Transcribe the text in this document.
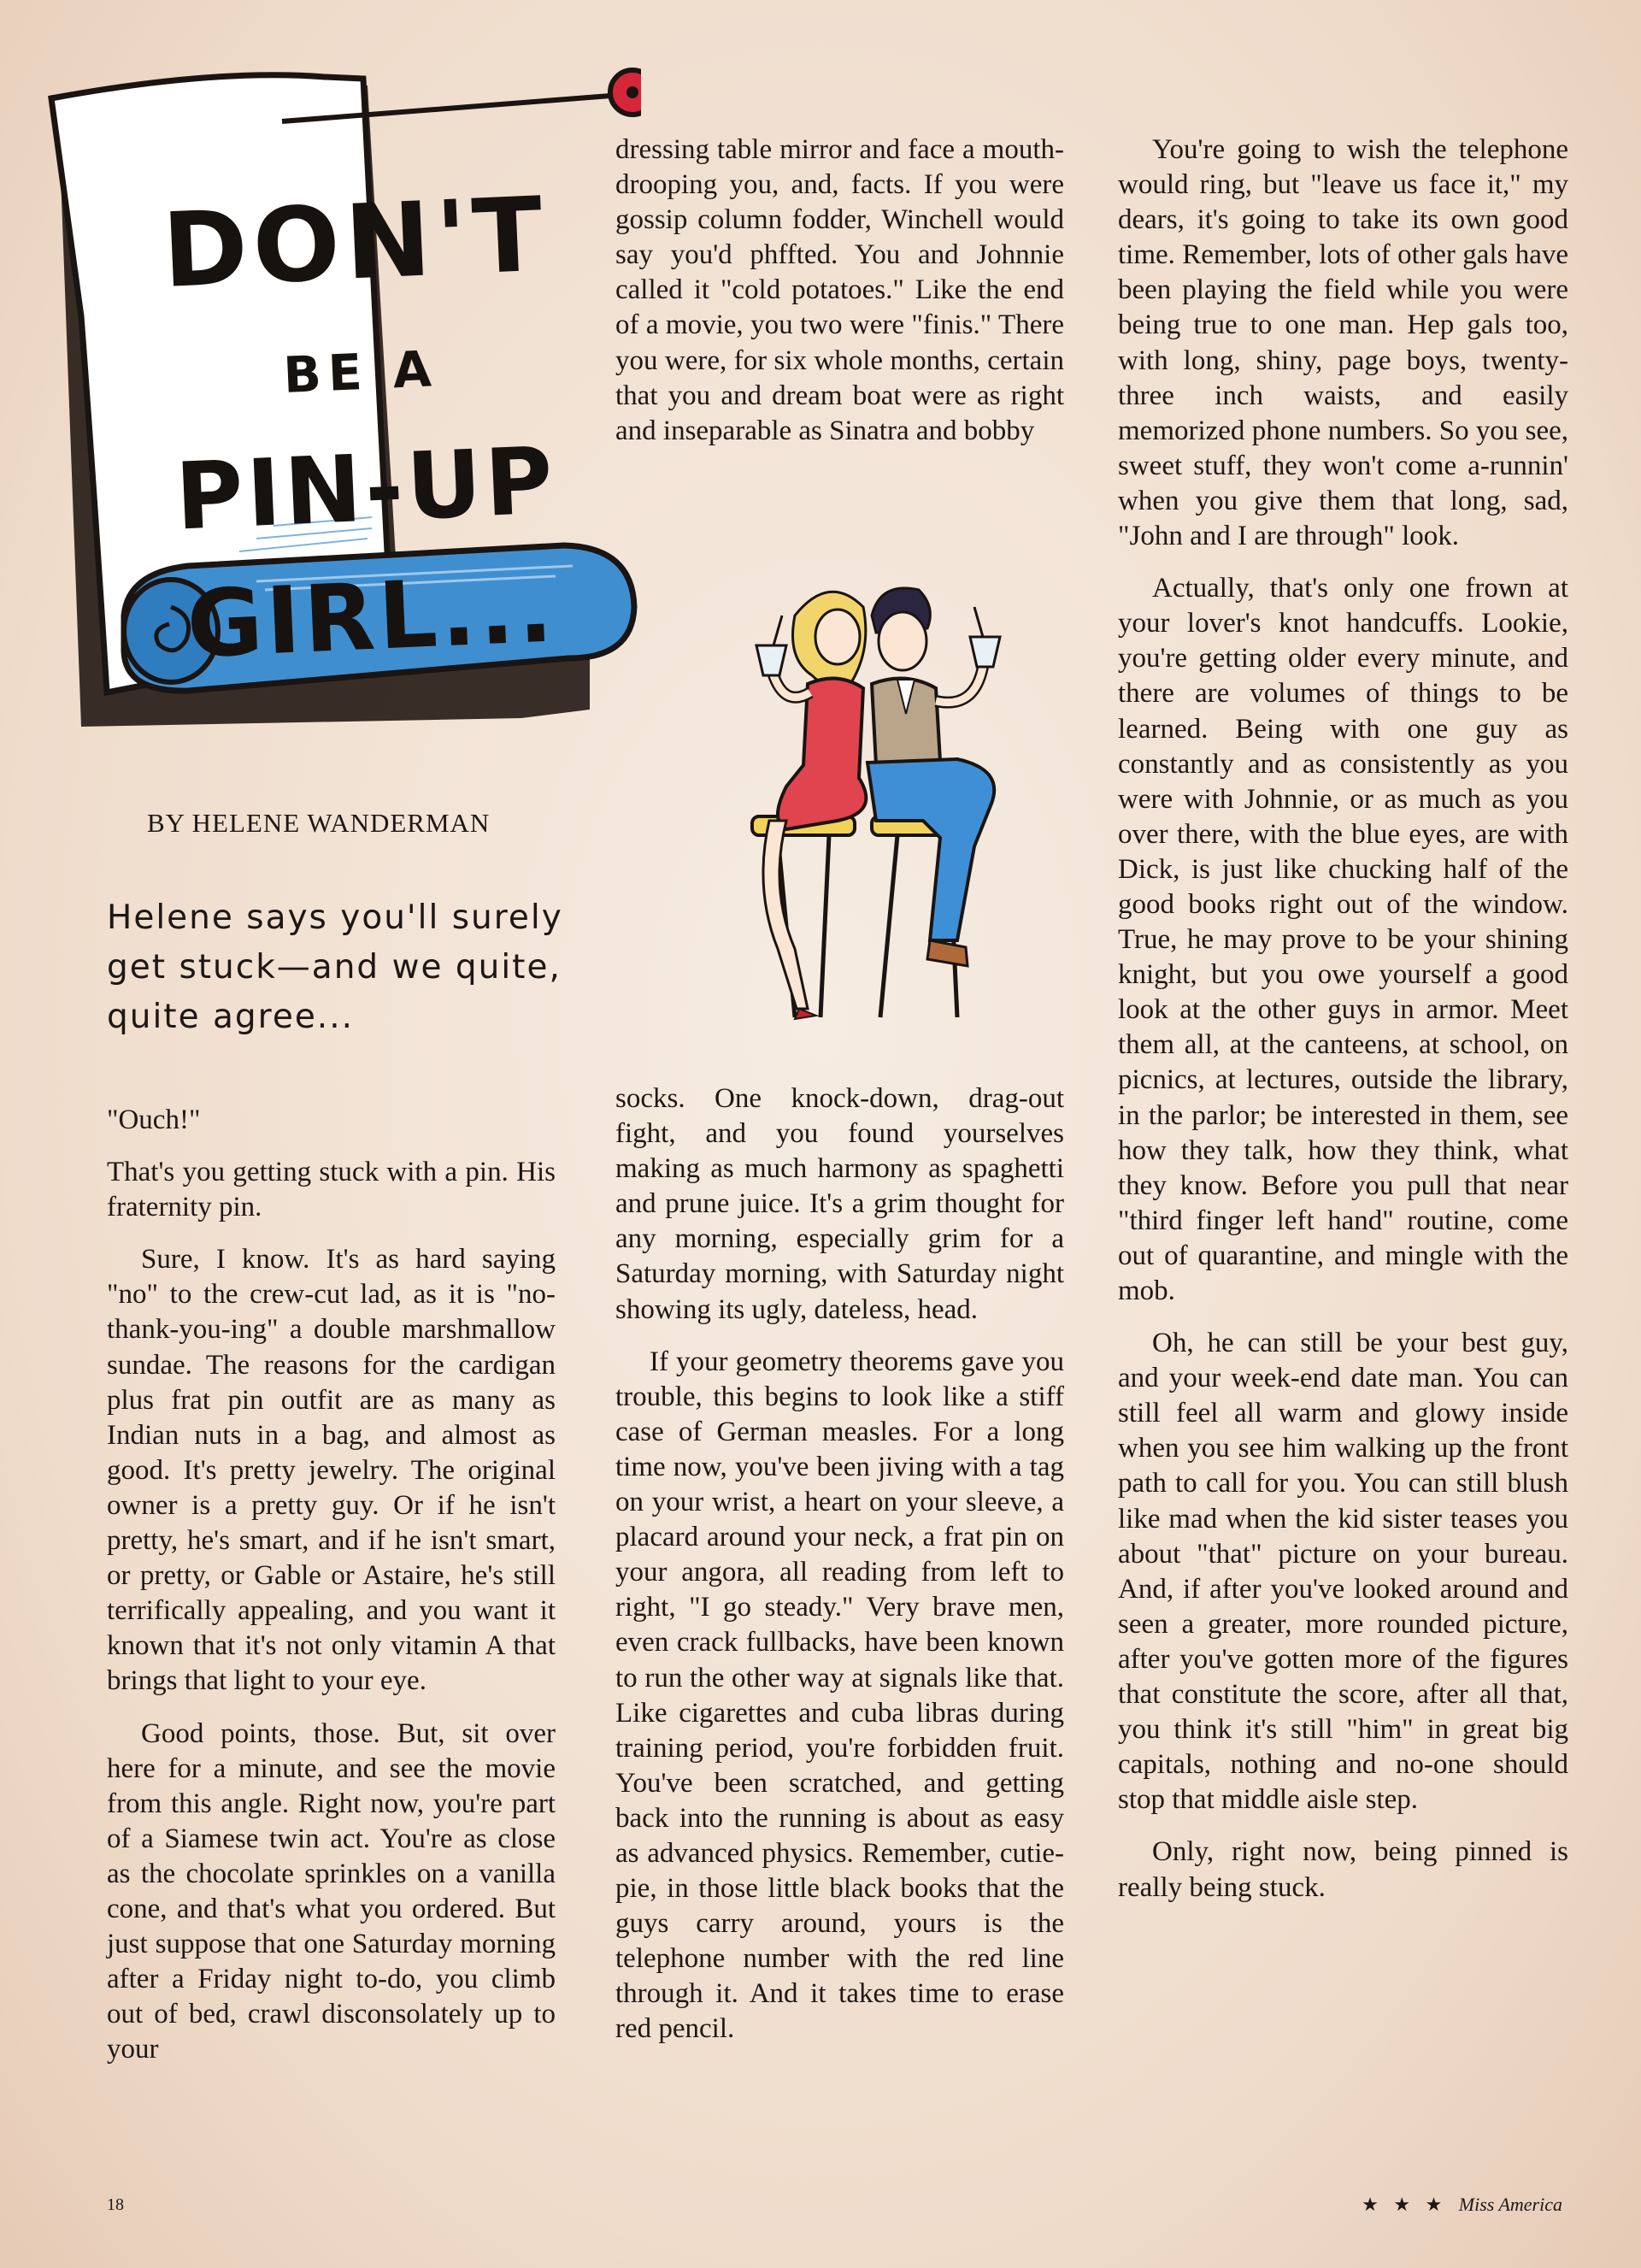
DON'T
BE A
PIN-UP
GIRL...
BY HELENE WANDERMAN
Helene says you'll surely get stuck—and we quite, quite agree...

"Ouch!"

That's you getting stuck with a pin. His fraternity pin.

Sure, I know. It's as hard saying "no" to the crew-cut lad, as it is "no-thank-you-ing" a double marshmallow sundae. The reasons for the cardigan plus frat pin outfit are as many as Indian nuts in a bag, and almost as good. It's pretty jewelry. The original owner is a pretty guy. Or if he isn't pretty, he's smart, and if he isn't smart, or pretty, or Gable or Astaire, he's still terrifically appealing, and you want it known that it's not only vitamin A that brings that light to your eye.

Good points, those. But, sit over here for a minute, and see the movie from this angle. Right now, you're part of a Siamese twin act. You're as close as the chocolate sprinkles on a vanilla cone, and that's what you ordered. But just suppose that one Saturday morning after a Friday night to-do, you climb out of bed, crawl disconsolately up to your

dressing table mirror and face a mouth-drooping you, and, facts. If you were gossip column fodder, Winchell would say you'd phffted. You and Johnnie called it "cold potatoes." Like the end of a movie, you two were "finis." There you were, for six whole months, certain that you and dream boat were as right and inseparable as Sinatra and bobby

socks. One knock-down, drag-out fight, and you found yourselves making as much harmony as spaghetti and prune juice. It's a grim thought for any morning, especially grim for a Saturday morning, with Saturday night showing its ugly, dateless, head.

If your geometry theorems gave you trouble, this begins to look like a stiff case of German measles. For a long time now, you've been jiving with a tag on your wrist, a heart on your sleeve, a placard around your neck, a frat pin on your angora, all reading from left to right, "I go steady." Very brave men, even crack fullbacks, have been known to run the other way at signals like that. Like cigarettes and cuba libras during training period, you're forbidden fruit. You've been scratched, and getting back into the running is about as easy as advanced physics. Remember, cutie-pie, in those little black books that the guys carry around, yours is the telephone number with the red line through it. And it takes time to erase red pencil.

You're going to wish the telephone would ring, but "leave us face it," my dears, it's going to take its own good time. Remember, lots of other gals have been playing the field while you were being true to one man. Hep gals too, with long, shiny, page boys, twenty-three inch waists, and easily memorized phone numbers. So you see, sweet stuff, they won't come a-runnin' when you give them that long, sad, "John and I are through" look.

Actually, that's only one frown at your lover's knot handcuffs. Lookie, you're getting older every minute, and there are volumes of things to be learned. Being with one guy as constantly and as consistently as you were with Johnnie, or as much as you over there, with the blue eyes, are with Dick, is just like chucking half of the good books right out of the window. True, he may prove to be your shining knight, but you owe yourself a good look at the other guys in armor. Meet them all, at the canteens, at school, on picnics, at lectures, outside the library, in the parlor; be interested in them, see how they talk, how they think, what they know. Before you pull that near "third finger left hand" routine, come out of quarantine, and mingle with the mob.

Oh, he can still be your best guy, and your week-end date man. You can still feel all warm and glowy inside when you see him walking up the front path to call for you. You can still blush like mad when the kid sister teases you about "that" picture on your bureau. And, if after you've looked around and seen a greater, more rounded picture, after you've gotten more of the figures that constitute the score, after all that, you think it's still "him" in great big capitals, nothing and no-one should stop that middle aisle step.

Only, right now, being pinned is really being stuck.

18	★ ★ ★ Miss America
